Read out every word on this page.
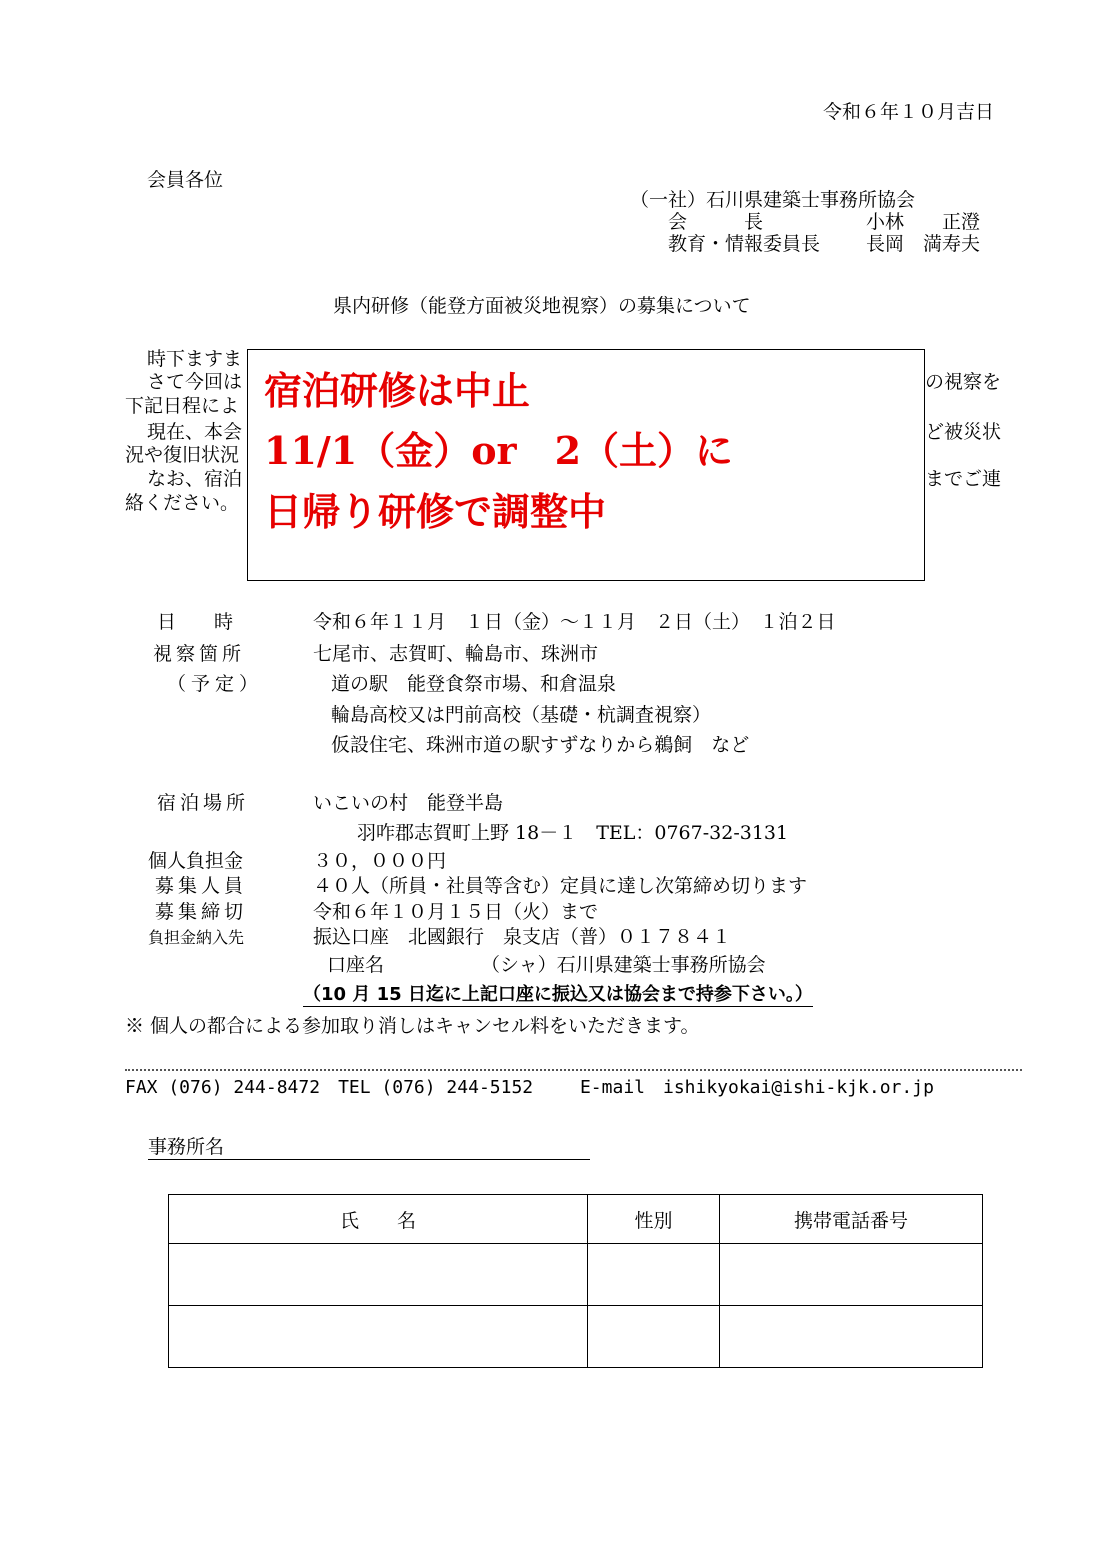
令和６年１０月吉日
会員各位
（一社）石川県建築士事務所協会
会　　　長	小林　　正澄
教育・情報委員長 長岡　満寿夫
県内研修（能登方面被災地視察）の募集について
時下ますま
さて今回は
下記日程によ
現在、本会
況や復旧状況
なお、宿泊
絡ください。
の視察を
ど被災状
までご連
宿泊研修は中止
11/1（金）or　2（土）に
日帰り研修で調整中
日　　時	令和６年１１月　１日（金）～１１月　２日（土）　１泊２日
視察箇所	七尾市、志賀町、輪島市、珠洲市
（予定）	道の駅　能登食祭市場、和倉温泉
輪島高校又は門前高校（基礎・杭調査視察）
仮設住宅、珠洲市道の駅すずなりから鵜飼　など
宿泊場所	いこいの村　能登半島
羽咋郡志賀町上野 18－１　TEL：0767-32-3131
個人負担金	３０，０００円
募集人員	４０人（所員・社員等含む）定員に達し次第締め切ります
募集締切	令和６年１０月１５日（火）まで
負担金納入先	振込口座　北國銀行　泉支店（普）０１７８４１
口座名	（シャ）石川県建築士事務所協会
（10 月 15 日迄に上記口座に振込又は協会まで持参下さい。）
※ 個人の都合による参加取り消しはキャンセル料をいただきます。
FAX (076) 244-8472　TEL (076) 244-5152　　 E-mail　ishikyokai@ishi-kjk.or.jp
事務所名
氏　　名	性別	携帯電話番号
